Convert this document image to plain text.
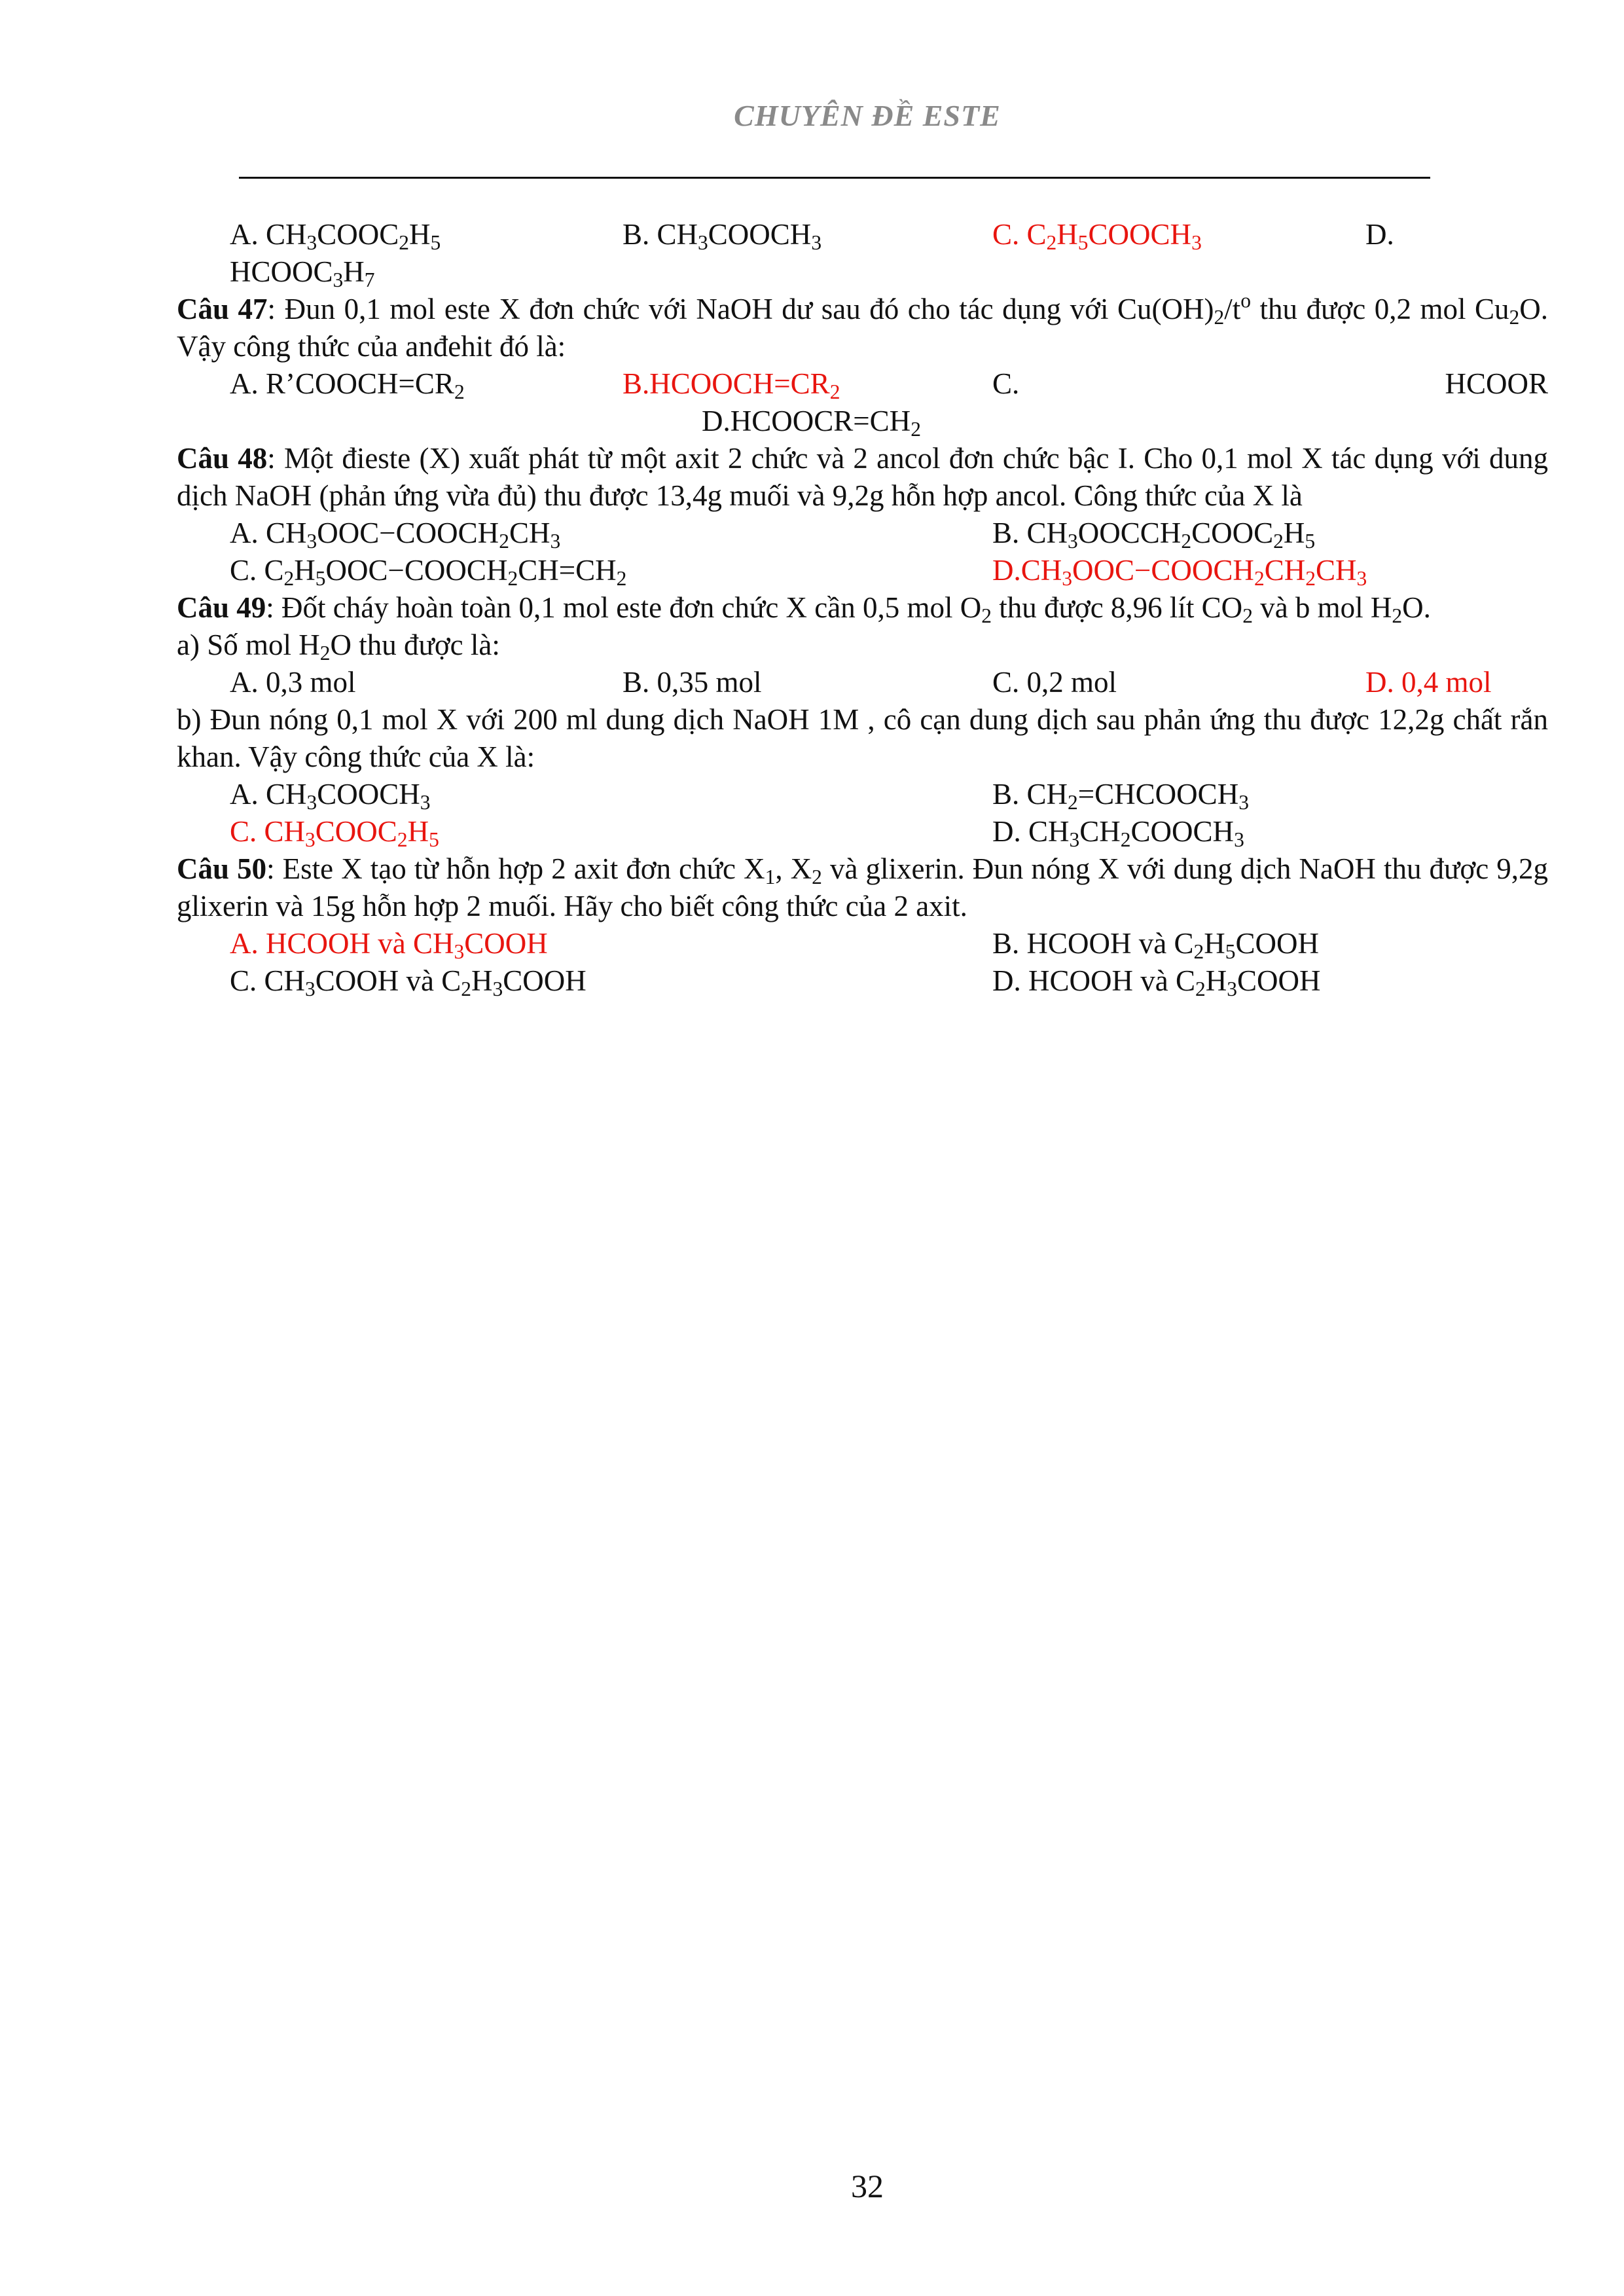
CHUYÊN ĐỀ ESTE
A. $CH_3COOC_2H_5$	B. $CH_3COOCH_3$	C. $C_2H_5COOCH_3$	D.
$HCOOC_3H_7$
Câu 47: Đun 0,1 mol este X đơn chức với NaOH dư sau đó cho tác dụng với $Cu(OH)_2/t^o$ thu được 0,2 mol $Cu_2O$. Vậy công thức của anđehit đó là:
A. $R’COOCH=CR_2$	$B.HCOOCH=CR_2$	C.	HCOOR
$D.HCOOCR=CH_2$
Câu 48: Một đieste (X) xuất phát từ một axit 2 chức và 2 ancol đơn chức bậc I. Cho 0,1 mol X tác dụng với dung dịch NaOH (phản ứng vừa đủ) thu được 13,4g muối và 9,2g hỗn hợp ancol. Công thức của X là
A. $CH_3OOC-COOCH_2CH_3$	B. $CH_3OOCCH_2COOC_2H_5$
C. $C_2H_5OOC-COOCH_2CH=CH_2$	$D.CH_3OOC-COOCH_2CH_2CH_3$
Câu 49: Đốt cháy hoàn toàn 0,1 mol este đơn chức X cần 0,5 mol $O_2$ thu được 8,96 lít $CO_2$ và b mol $H_2O$.
a) Số mol $H_2O$ thu được là:
A. 0,3 mol	B. 0,35 mol	C. 0,2 mol	D. 0,4 mol
b) Đun nóng 0,1 mol X với 200 ml dung dịch NaOH 1M , cô cạn dung dịch sau phản ứng thu được 12,2g chất rắn khan. Vậy công thức của X là:
A. $CH_3COOCH_3$	B. $CH_2=CHCOOCH_3$
C. $CH_3COOC_2H_5$	D. $CH_3CH_2COOCH_3$
Câu 50: Este X tạo từ hỗn hợp 2 axit đơn chức $X_1$, $X_2$ và glixerin. Đun nóng X với dung dịch NaOH thu được 9,2g glixerin và 15g hỗn hợp 2 muối. Hãy cho biết công thức của 2 axit.
A. HCOOH và $CH_3COOH$	B. HCOOH và $C_2H_5COOH$
C. $CH_3COOH$ và $C_2H_3COOH$	D. HCOOH và $C_2H_3COOH$
32
